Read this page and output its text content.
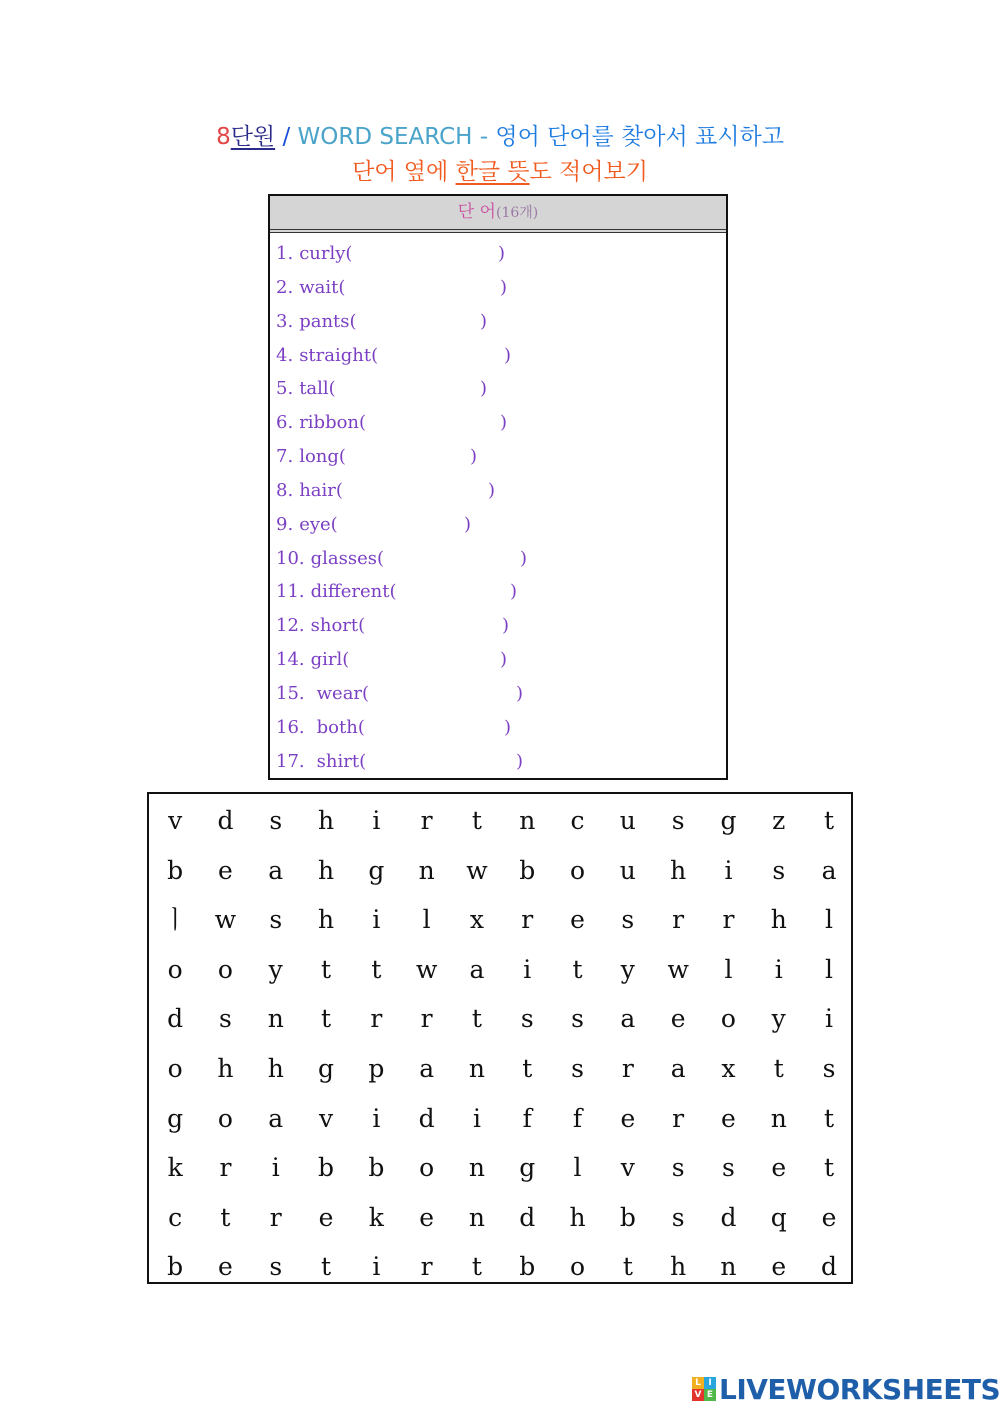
8단원 / WORD SEARCH - 영어 단어를 찾아서 표시하고
단어 옆에 한글 뜻도 적어보기
단 어(16개)
1. curly(	)
2. wait(	)
3. pants(	)
4. straight(	)
5. tall(	)
6. ribbon(	)
7. long(	)
8. hair(	)
9. eye(	)
10. glasses(	)
11. different(	)
12. short(	)
14. girl(	)
15. wear(	)
16. both(	)
17. shirt(	)
v	d	s	h	i	r	t	n	c	u	s	g	z	t
b	e	a	h	g	n	w	b	o	u	h	i	s	a
ㅣ	w	s	h	i	l	x	r	e	s	r	r	h	l
o	o	y	t	t	w	a	i	t	y	w	l	i	l
d	s	n	t	r	r	t	s	s	a	e	o	y	i
o	h	h	g	p	a	n	t	s	r	a	x	t	s
g	o	a	v	i	d	i	f	f	e	r	e	n	t
k	r	i	b	b	o	n	g	l	v	s	s	e	t
c	t	r	e	k	e	n	d	h	b	s	d	q	e
b	e	s	t	i	r	t	b	o	t	h	n	e	d
L I
V E LIVEWORKSHEETS
